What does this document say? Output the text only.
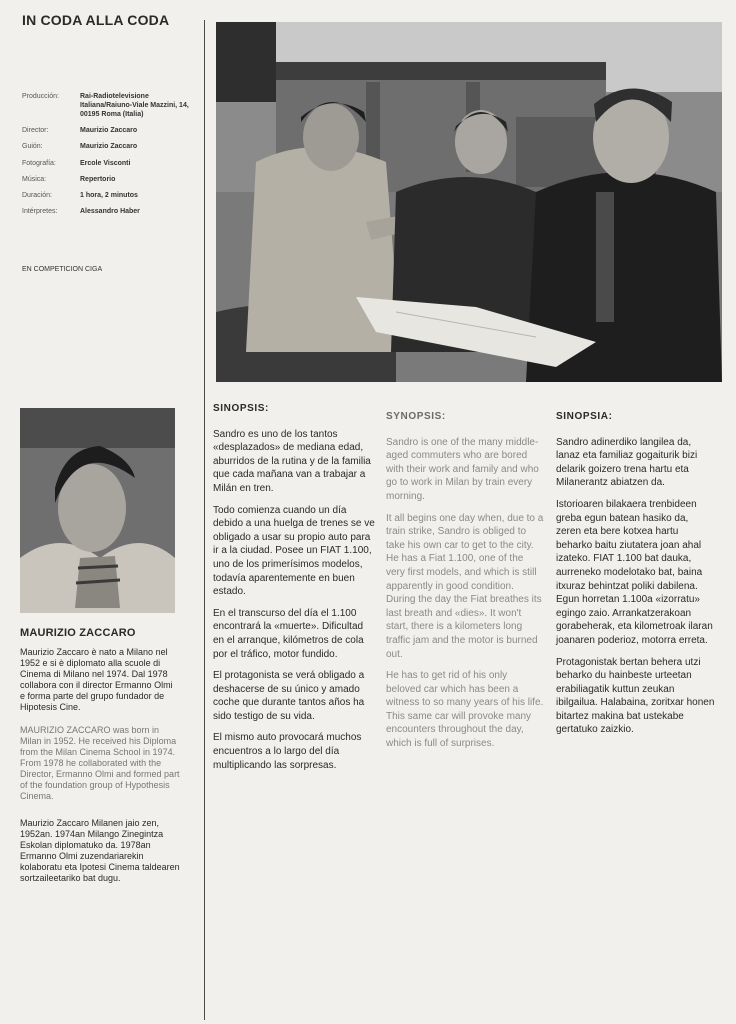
IN CODA ALLA CODA
Producción:	Rai-Radiotelevisione Italiana/Raiuno-Viale Mazzini, 14, 00195 Roma (Italia)
Director:	Maurizio Zaccaro
Guión:	Maurizio Zaccaro
Fotografía:	Ercole Visconti
Música:	Repertorio
Duración:	1 hora, 2 minutos
Intérpretes:	Alessandro Haber
EN COMPETICION CIGA
MAURIZIO ZACCARO

Maurizio Zaccaro è nato a Milano nel 1952 e si è diplomato alla scuole di Cinema di Milano nel 1974. Dal 1978 collabora con il director Ermanno Olmi e forma parte del grupo fundador de Hipotesis Cine.

MAURIZIO ZACCARO was born in Milan in 1952. He received his Diploma from the Milan Cinema School in 1974. From 1978 he collaborated with the Director, Ermanno Olmi and formed part of the foundation group of Hypothesis Cinema.

Maurizio Zaccaro Milanen jaio zen, 1952an. 1974an Milango Zinegintza Eskolan diplomatuko da. 1978an Ermanno Olmi zuzendariarekin kolaboratu eta Ipotesi Cinema taldearen sortzaileetariko bat dugu.

SINOPSIS:

Sandro es uno de los tantos «desplazados» de mediana edad, aburridos de la rutina y de la familia que cada mañana van a trabajar a Milán en tren.

Todo comienza cuando un día debido a una huelga de trenes se ve obligado a usar su propio auto para ir a la ciudad. Posee un FIAT 1.100, uno de los primerísimos modelos, todavía aparentemente en buen estado.

En el transcurso del día el 1.100 encontrará la «muerte». Dificultad en el arranque, kilómetros de cola por el tráfico, motor fundido.

El protagonista se verá obligado a deshacerse de su único y amado coche que durante tantos años ha sido testigo de su vida.

El mismo auto provocará muchos encuentros a lo largo del día multiplicando las sorpresas.

SYNOPSIS:

Sandro is one of the many middle-aged commuters who are bored with their work and family and who go to work in Milan by train every morning.

It all begins one day when, due to a train strike, Sandro is obliged to take his own car to get to the city. He has a Fiat 1.100, one of the very first models, and which is still apparently in good condition. During the day the Fiat breathes its last breath and «dies». It won't start, there is a kilometers long traffic jam and the motor is burned out.

He has to get rid of his only beloved car which has been a witness to so many years of his life. This same car will provoke many encounters throughout the day, which is full of surprises.

SINOPSIA:

Sandro adinerdiko langilea da, lanaz eta familiaz gogaiturik bizi delarik goizero trena hartu eta Milanerantz abiatzen da.

Istorioaren bilakaera trenbideen greba egun batean hasiko da, zeren eta bere kotxea hartu beharko baitu ziutatera joan ahal izateko. FIAT 1.100 bat dauka, aurreneko modelotako bat, baina itxuraz behintzat poliki dabilena. Egun horretan 1.100a «izorratu» egingo zaio. Arrankatzerakoan gorabeherak, eta kilometroak ilaran joanaren poderioz, motorra erreta.

Protagonistak bertan behera utzi beharko du hainbeste urteetan erabiliagatik kuttun zeukan ibilgailua. Halabaina, zoritxar honen bitartez makina bat ustekabe gertatuko zaizkio.
